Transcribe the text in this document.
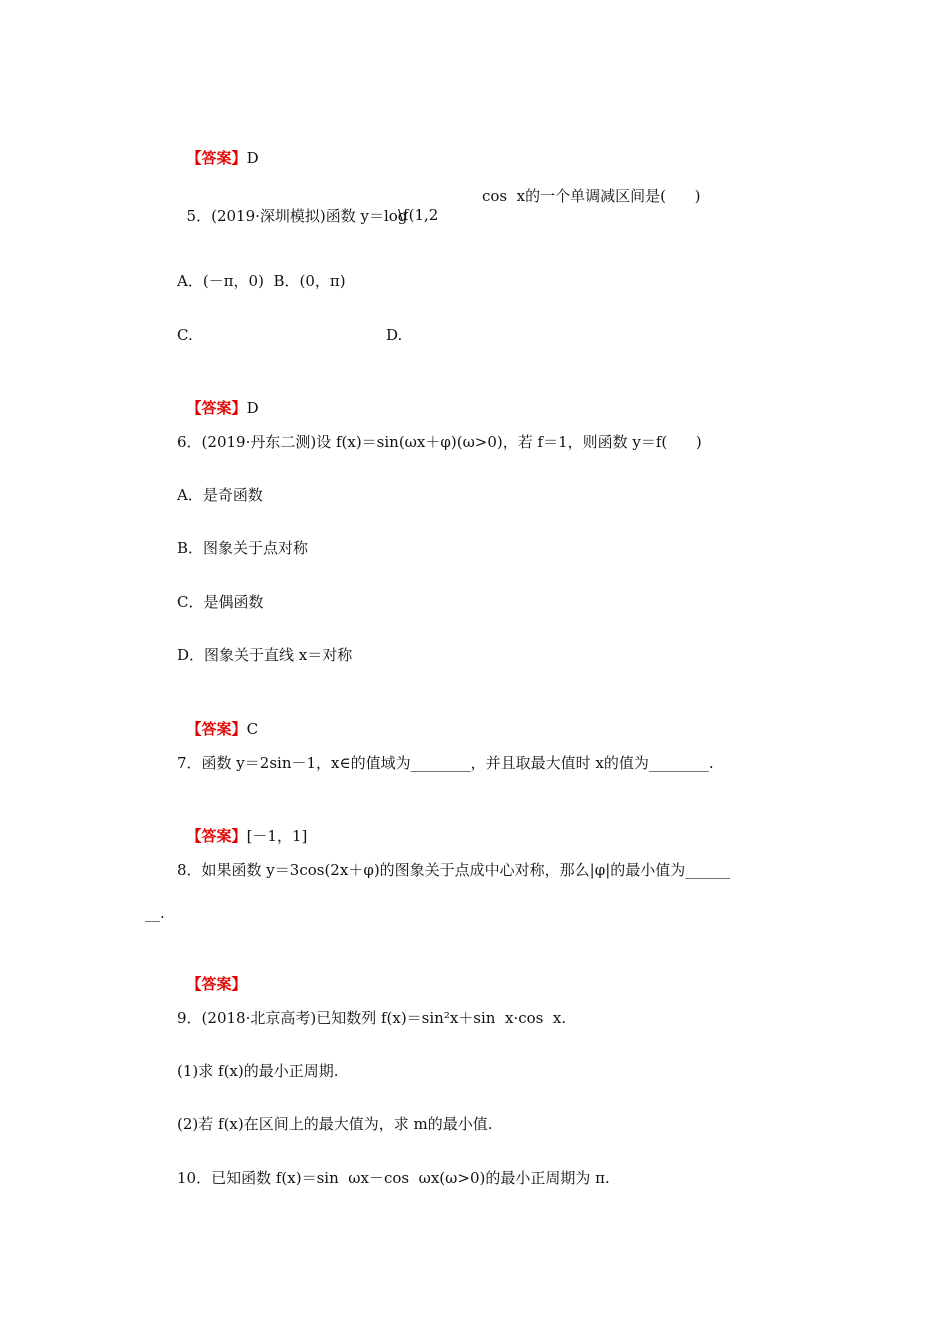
【答案】D

5．(2019·深圳模拟)函数 y＝log

\f(1,2
cos  x的一个单调减区间是(      )
A．(－π，0)  B．(0，π)
C.	D.

【答案】D

6．(2019·丹东二测)设 f(x)＝sin(ωx＋φ)(ω>0)，若 f＝1，则函数 y＝f(      )
A．是奇函数
B．图象关于点对称
C．是偶函数
D．图象关于直线 x＝对称

【答案】C

7．函数 y＝2sin－1，x∈的值域为________，并且取最大值时 x的值为________.

【答案】[－1，1]

8．如果函数 y＝3cos(2x＋φ)的图象关于点成中心对称，那么|φ|的最小值为______
__.

【答案】

9．(2018·北京高考)已知数列 f(x)＝sin²x＋sin  x·cos  x.
(1)求 f(x)的最小正周期.
(2)若 f(x)在区间上的最大值为，求 m的最小值.
10．已知函数 f(x)＝sin  ωx－cos  ωx(ω>0)的最小正周期为 π.
